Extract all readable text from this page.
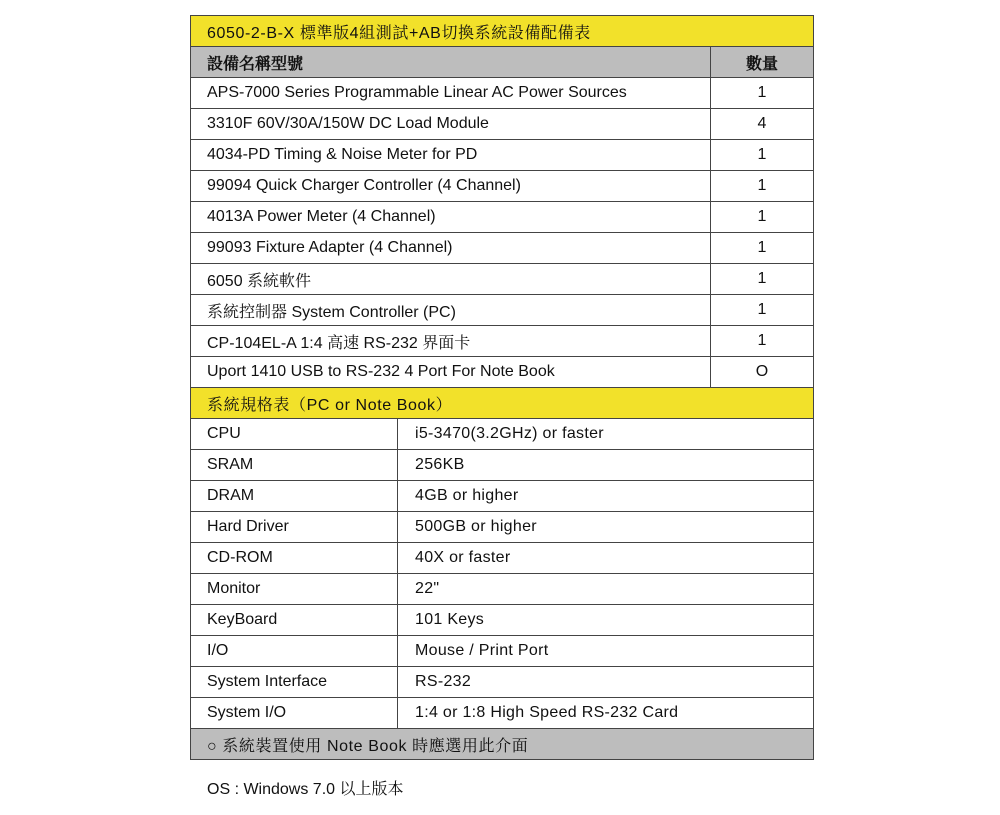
6050-2-B-X 標準版4組測試+AB切換系統設備配備表
設備名稱型號	數量
APS-7000 Series Programmable Linear AC Power Sources	1
3310F 60V/30A/150W DC Load Module	4
4034-PD Timing & Noise Meter for PD	1
99094 Quick Charger Controller (4 Channel)	1
4013A Power Meter (4 Channel)	1
99093 Fixture Adapter (4 Channel)	1
6050 系統軟件	1
系統控制器 System Controller (PC)	1
CP-104EL-A 1:4 高速 RS-232 界面卡	1
Uport 1410 USB to RS-232 4 Port For Note Book	O
系統規格表（PC or Note Book）
CPU	i5-3470(3.2GHz) or faster
SRAM	256KB
DRAM	4GB or higher
Hard Driver	500GB or higher
CD-ROM	40X or faster
Monitor	22"
KeyBoard	101 Keys
I/O	Mouse / Print Port
System Interface	RS-232
System I/O	1:4 or 1:8 High Speed RS-232 Card
○ 系統裝置使用 Note Book 時應選用此介面
OS : Windows 7.0 以上版本
